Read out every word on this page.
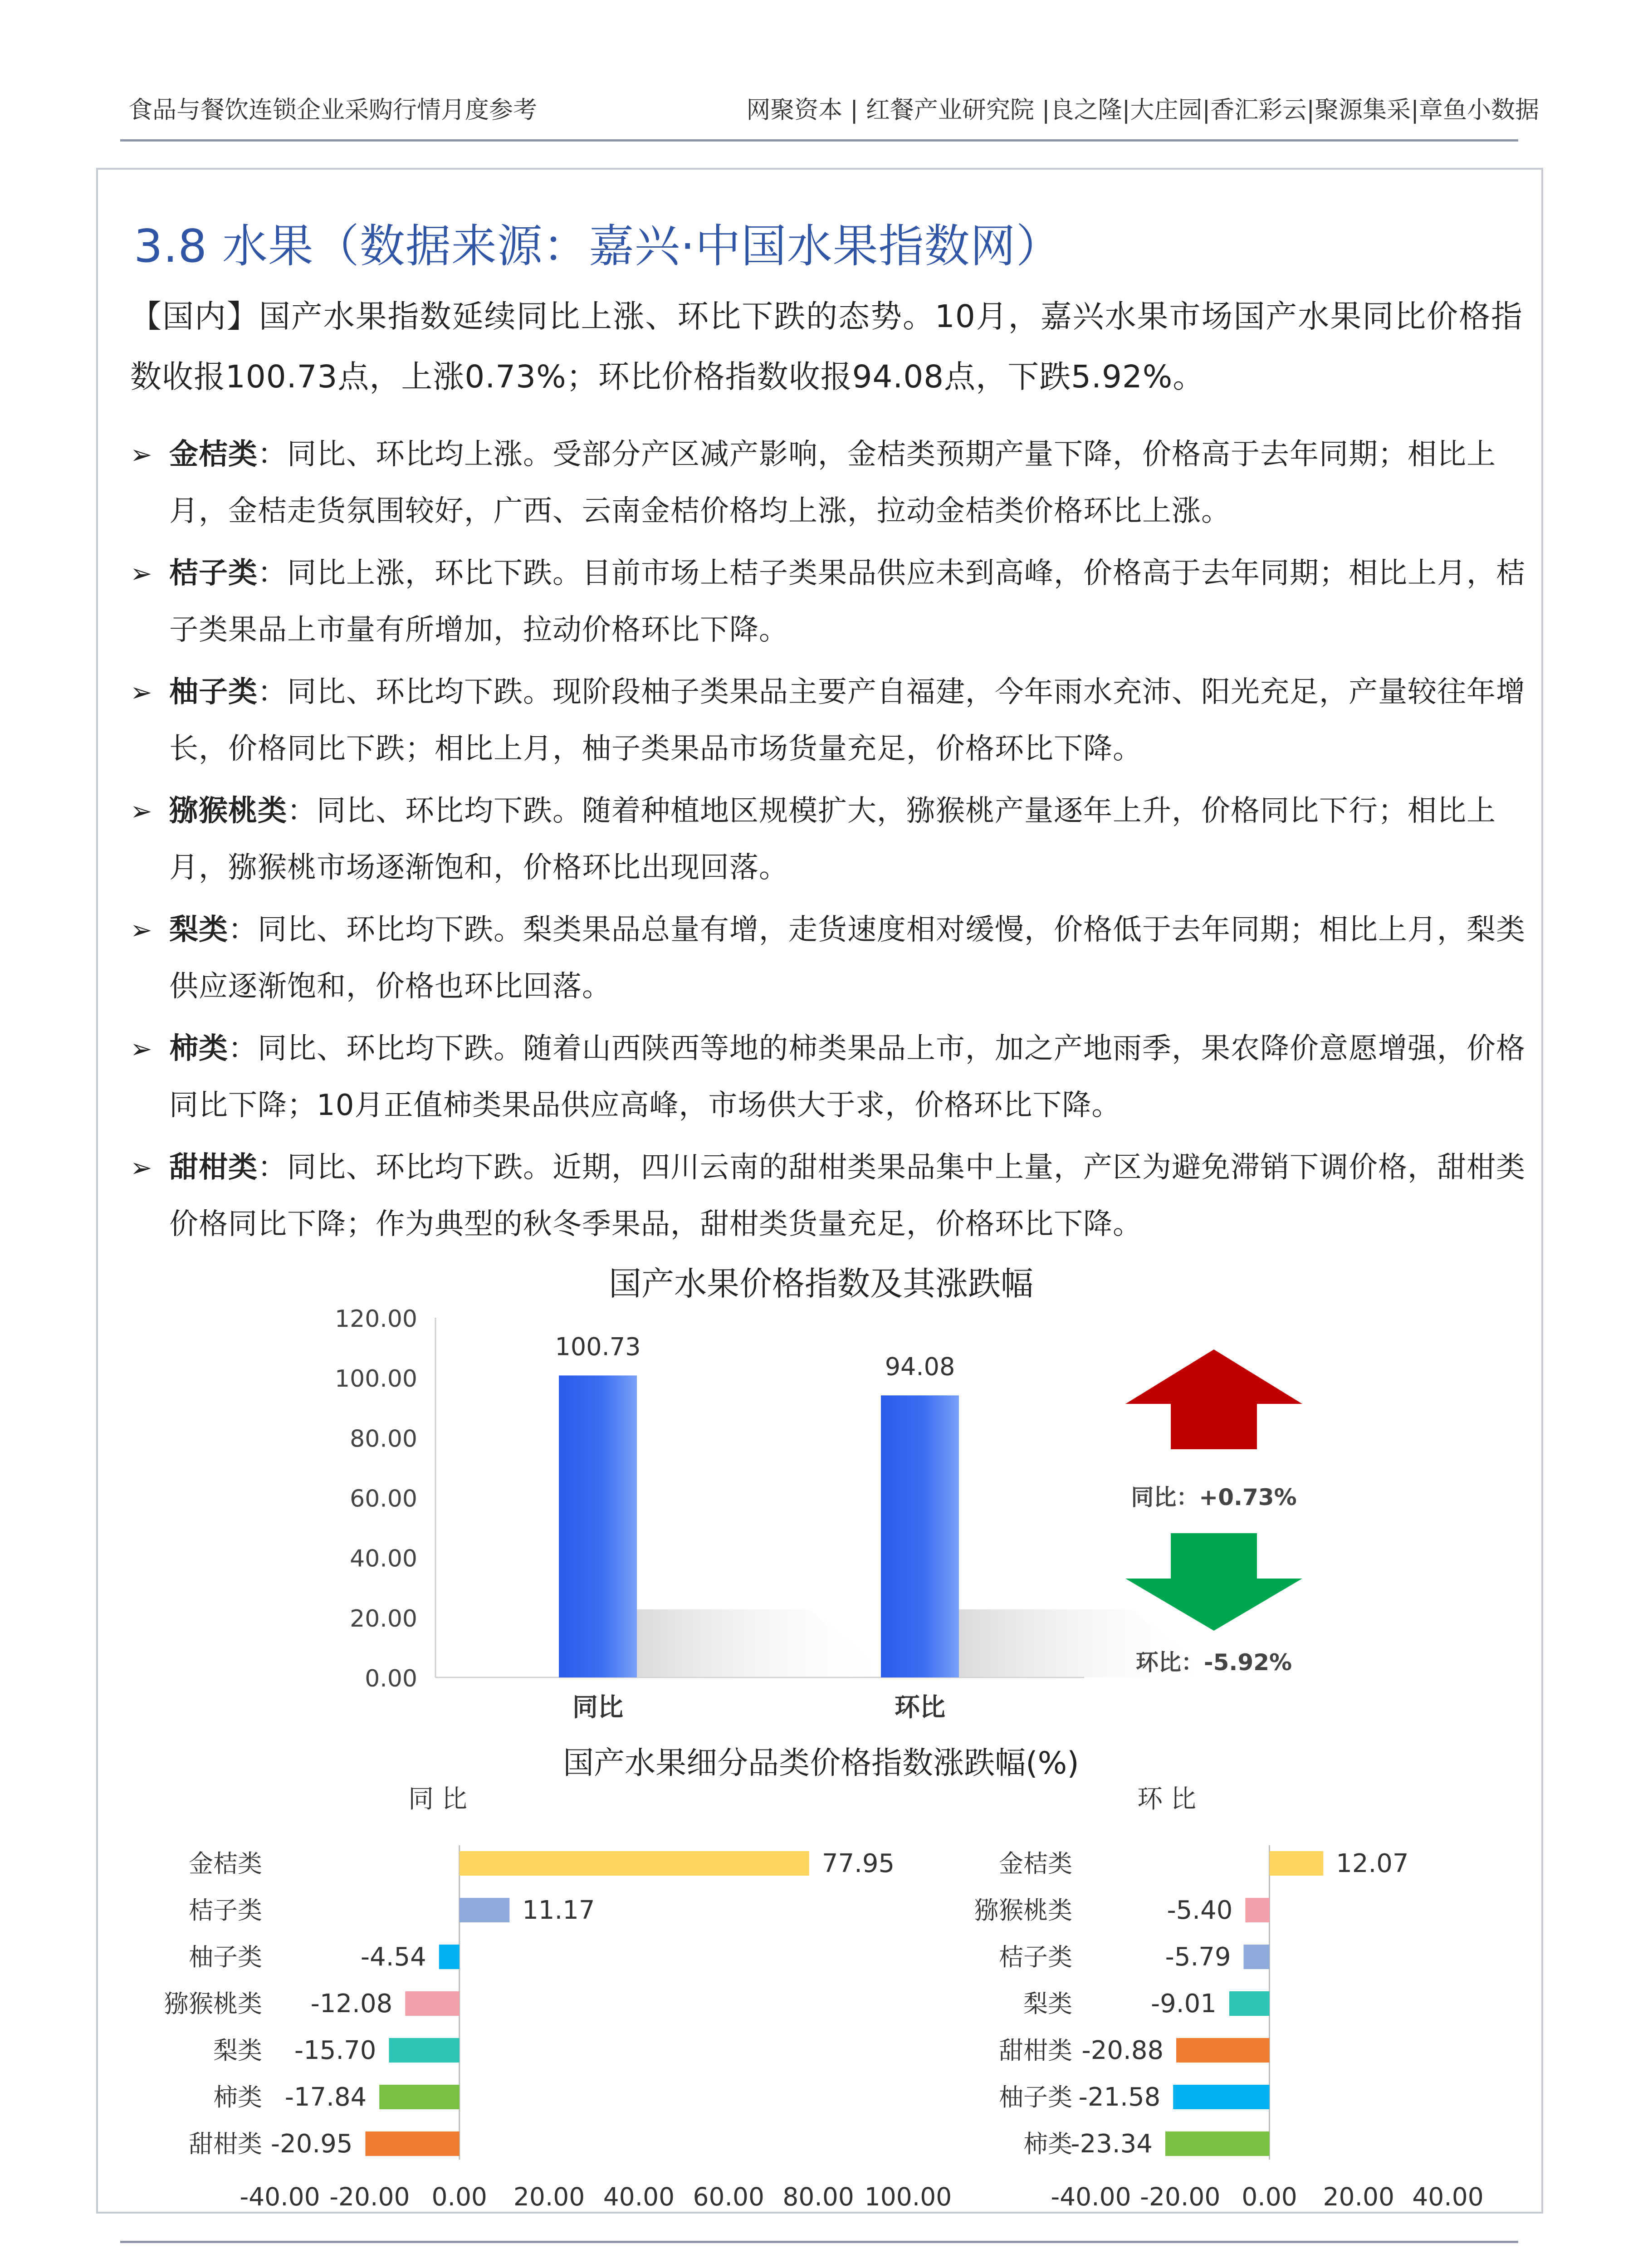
食品与餐饮连锁企业采购行情月度参考	网聚资本 | 红餐产业研究院 |良之隆|大庄园|香汇彩云|聚源集采|章鱼小数据
3.8 水果（数据来源：嘉兴·中国水果指数网）
【国内】国产水果指数延续同比上涨、环比下跌的态势。10月，嘉兴水果市场国产水果同比价格指数收报100.73点，上涨0.73%；环比价格指数收报94.08点，下跌5.92%。
➢ 金桔类：同比、环比均上涨。受部分产区减产影响，金桔类预期产量下降，价格高于去年同期；相比上月，金桔走货氛围较好，广西、云南金桔价格均上涨，拉动金桔类价格环比上涨。
➢ 桔子类：同比上涨，环比下跌。目前市场上桔子类果品供应未到高峰，价格高于去年同期；相比上月，桔子类果品上市量有所增加，拉动价格环比下降。
➢ 柚子类：同比、环比均下跌。现阶段柚子类果品主要产自福建，今年雨水充沛、阳光充足，产量较往年增长，价格同比下跌；相比上月，柚子类果品市场货量充足，价格环比下降。
➢ 猕猴桃类：同比、环比均下跌。随着种植地区规模扩大，猕猴桃产量逐年上升，价格同比下行；相比上月，猕猴桃市场逐渐饱和，价格环比出现回落。
➢ 梨类：同比、环比均下跌。梨类果品总量有增，走货速度相对缓慢，价格低于去年同期；相比上月，梨类供应逐渐饱和，价格也环比回落。
➢ 柿类：同比、环比均下跌。随着山西陕西等地的柿类果品上市，加之产地雨季，果农降价意愿增强，价格同比下降；10月正值柿类果品供应高峰，市场供大于求，价格环比下降。
➢ 甜柑类：同比、环比均下跌。近期，四川云南的甜柑类果品集中上量，产区为避免滞销下调价格，甜柑类价格同比下降；作为典型的秋冬季果品，甜柑类货量充足，价格环比下降。
国产水果价格指数及其涨跌幅
120.00
100.00
80.00
60.00
40.00
20.00
0.00
100.73
同比
94.08
环比
同比：+0.73%
环比：-5.92%
国产水果细分品类价格指数涨跌幅(%)
金桔类	77.95
桔子类	11.17
柚子类	-4.54
猕猴桃类 -12.08
梨类 -15.70
柿类 -17.84
甜柑类 -20.95
-40.00 -20.00 0.00 20.00 40.00 60.00 80.00 100.00
同 比
金桔类	12.07
猕猴桃类	-5.40
桔子类	-5.79
梨类	-9.01
甜柑类 -20.88
柚子类 -21.58
柿类
-23.34
-40.00 -20.00 0.00 20.00 40.00
环 比
